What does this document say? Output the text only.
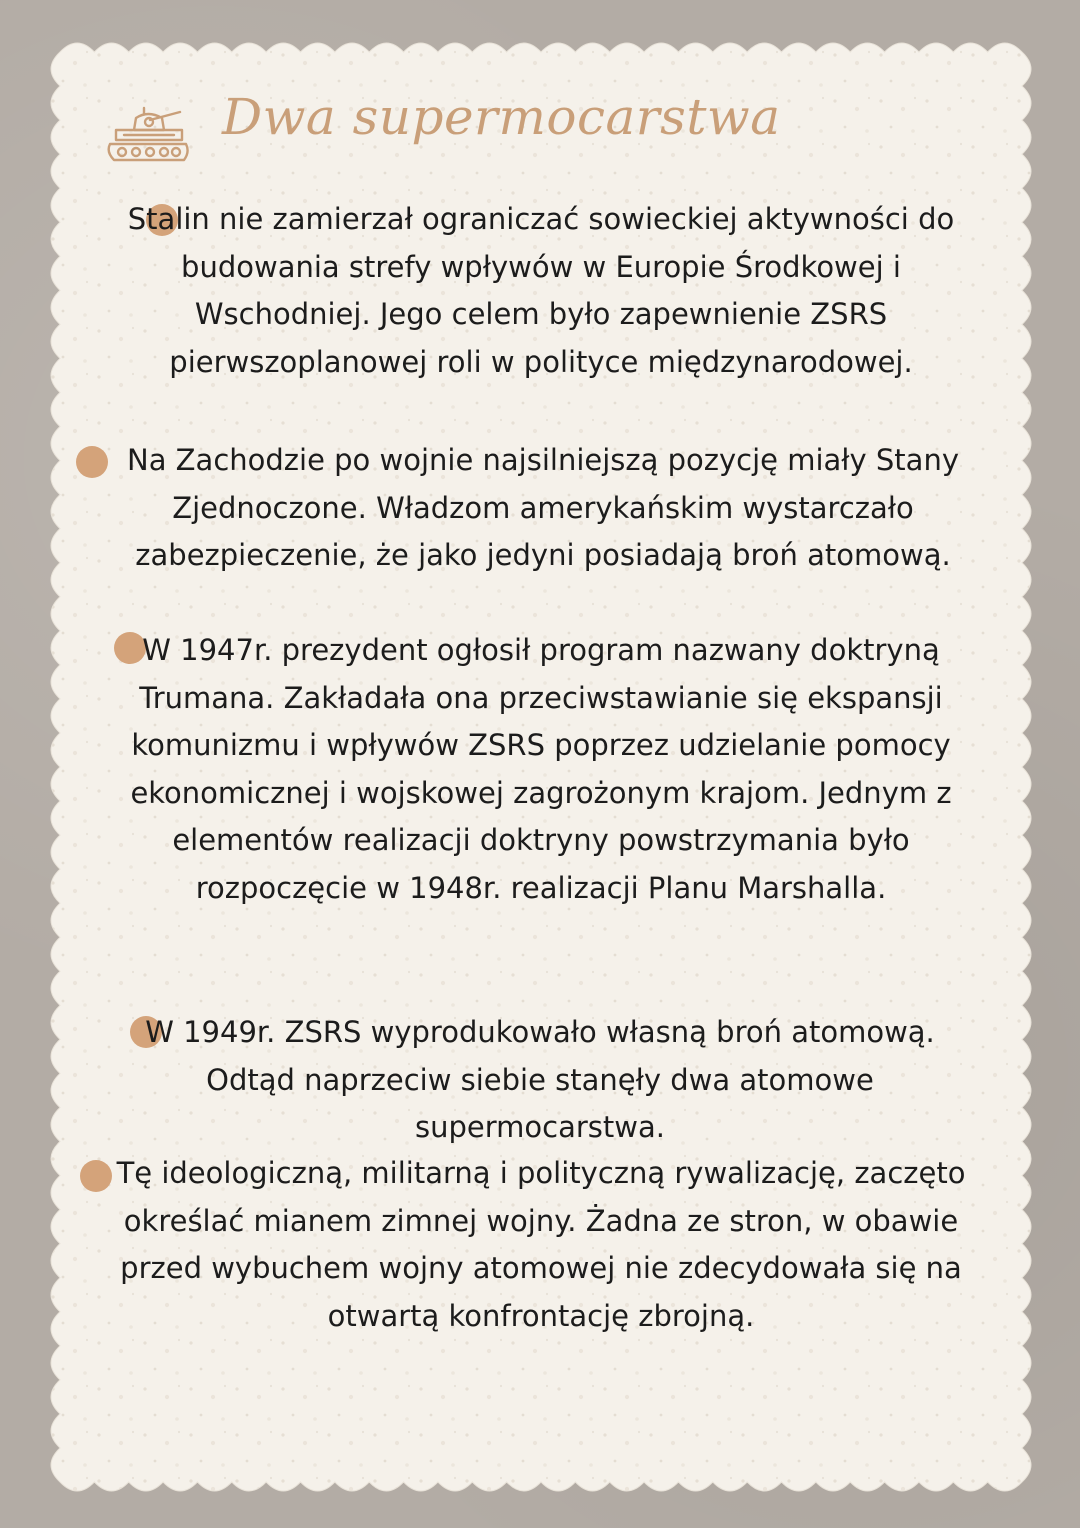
Dwa supermocarstwa

Stalin nie zamierzał ograniczać sowieckiej aktywności do budowania strefy wpływów w Europie Środkowej i Wschodniej. Jego celem było zapewnienie ZSRS pierwszoplanowej roli w polityce międzynarodowej.

Na Zachodzie po wojnie najsilniejszą pozycję miały Stany Zjednoczone. Władzom amerykańskim wystarczało zabezpieczenie, że jako jedyni posiadają broń atomową.

W 1947r. prezydent ogłosił program nazwany doktryną Trumana. Zakładała ona przeciwstawianie się ekspansji komunizmu i wpływów ZSRS poprzez udzielanie pomocy ekonomicznej i wojskowej zagrożonym krajom. Jednym z elementów realizacji doktryny powstrzymania było rozpoczęcie w 1948r. realizacji Planu Marshalla.

W 1949r. ZSRS wyprodukowało własną broń atomową. Odtąd naprzeciw siebie stanęły dwa atomowe supermocarstwa.

Tę ideologiczną, militarną i polityczną rywalizację, zaczęto określać mianem zimnej wojny. Żadna ze stron, w obawie przed wybuchem wojny atomowej nie zdecydowała się na otwartą konfrontację zbrojną.
